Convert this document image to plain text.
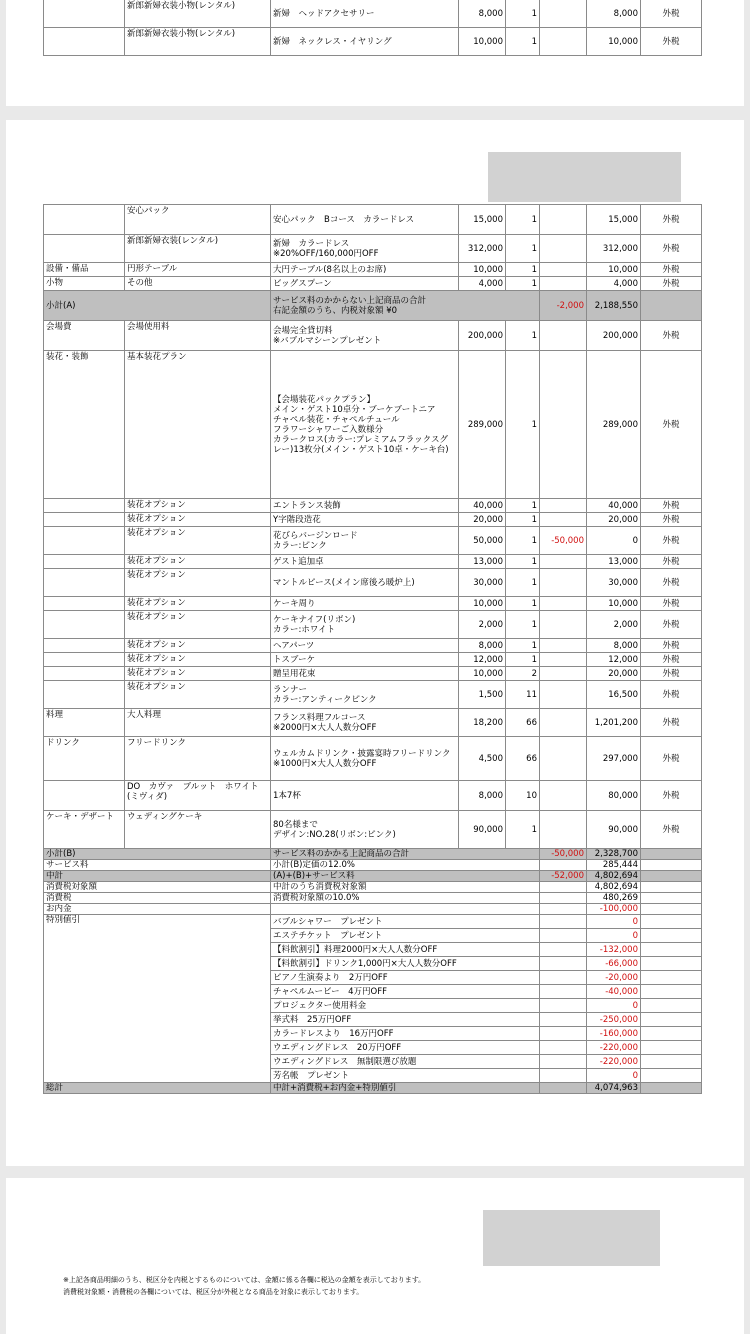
	新郎新婦衣装小物(レンタル)	新婦　ヘッドアクセサリー	8,000	1		8,000	外税
	新郎新婦衣装小物(レンタル)	新婦　ネックレス・イヤリング	10,000	1		10,000	外税
	安心パック	安心パック　Bコース　カラードレス	15,000	1		15,000	外税
	新郎新婦衣装(レンタル)	新婦　カラードレス
※20%OFF/160,000円OFF	312,000	1		312,000	外税
設備・備品	円形テーブル	大円テーブル(8名以上のお席)	10,000	1		10,000	外税
小物	その他	ビッグスプーン	4,000	1		4,000	外税
小計(A)		サービス料のかからない上記商品の合計
右記金額のうち、内税対象額 ¥0			-2,000	2,188,550	
会場費	会場使用料	会場完全貸切料
※バブルマシーンプレゼント	200,000	1		200,000	外税
装花・装飾	基本装花プラン	【会場装花パックプラン】
メイン・ゲスト10卓分・ブーケブートニア
チャペル装花・チャペルチュール
フラワーシャワーご入数様分
カラークロス(カラー:プレミアムフラックスグレー)13枚分(メイン・ゲスト10卓・ケーキ台)	289,000	1		289,000	外税
	装花オプション	エントランス装飾	40,000	1		40,000	外税
	装花オプション	Y字階段造花	20,000	1		20,000	外税
	装花オプション	花びらバージンロード
カラー:ピンク	50,000	1	-50,000	0	外税
	装花オプション	ゲスト追加卓	13,000	1		13,000	外税
	装花オプション	マントルピース(メイン席後ろ暖炉上)	30,000	1		30,000	外税
	装花オプション	ケーキ周り	10,000	1		10,000	外税
	装花オプション	ケーキナイフ(リボン)
カラー:ホワイト	2,000	1		2,000	外税
	装花オプション	ヘアパーツ	8,000	1		8,000	外税
	装花オプション	トスブーケ	12,000	1		12,000	外税
	装花オプション	贈呈用花束	10,000	2		20,000	外税
	装花オプション	ランナー
カラー:アンティークピンク	1,500	11		16,500	外税
料理	大人料理	フランス料理フルコース
※2000円×大人人数分OFF	18,200	66		1,201,200	外税
ドリンク	フリードリンク	ウェルカムドリンク・披露宴時フリードリンク
※1000円×大人人数分OFF	4,500	66		297,000	外税
	DO　カヴァ　ブルット　ホワイト(ミヴィダ)	1本7杯	8,000	10		80,000	外税
ケーキ・デザート	ウェディングケーキ	80名様まで
デザイン:NO.28(リボン:ピンク)	90,000	1		90,000	外税
小計(B)		サービス料のかかる上記商品の合計			-50,000	2,328,700	
サービス料		小計(B)定価の12.0%				285,444	
中計		(A)+(B)+サービス料			-52,000	4,802,694	
消費税対象額		中計のうち消費税対象額				4,802,694	
消費税		消費税対象額の10.0%				480,269	
お内金						-100,000	
特別値引		バブルシャワー　プレゼント				0	
		エステチケット　プレゼント				0	
		【料飲割引】料理2000円×大人人数分OFF				-132,000	
		【料飲割引】ドリンク1,000円×大人人数分OFF				-66,000	
		ピアノ生演奏より　2万円OFF				-20,000	
		チャペルムービー　4万円OFF				-40,000	
		プロジェクター使用料金				0	
		挙式料　25万円OFF				-250,000	
		カラードレスより　16万円OFF				-160,000	
		ウエディングドレス　20万円OFF				-220,000	
		ウエディングドレス　無制限選び放題				-220,000	
		芳名帳　プレゼント				0	
総計		中計+消費税+お内金+特別値引				4,074,963	
※上記各商品明細のうち、税区分を内税とするものについては、金額に係る各欄に税込の金額を表示しております。
消費税対象額・消費税の各欄については、税区分が外税となる商品を対象に表示しております。
